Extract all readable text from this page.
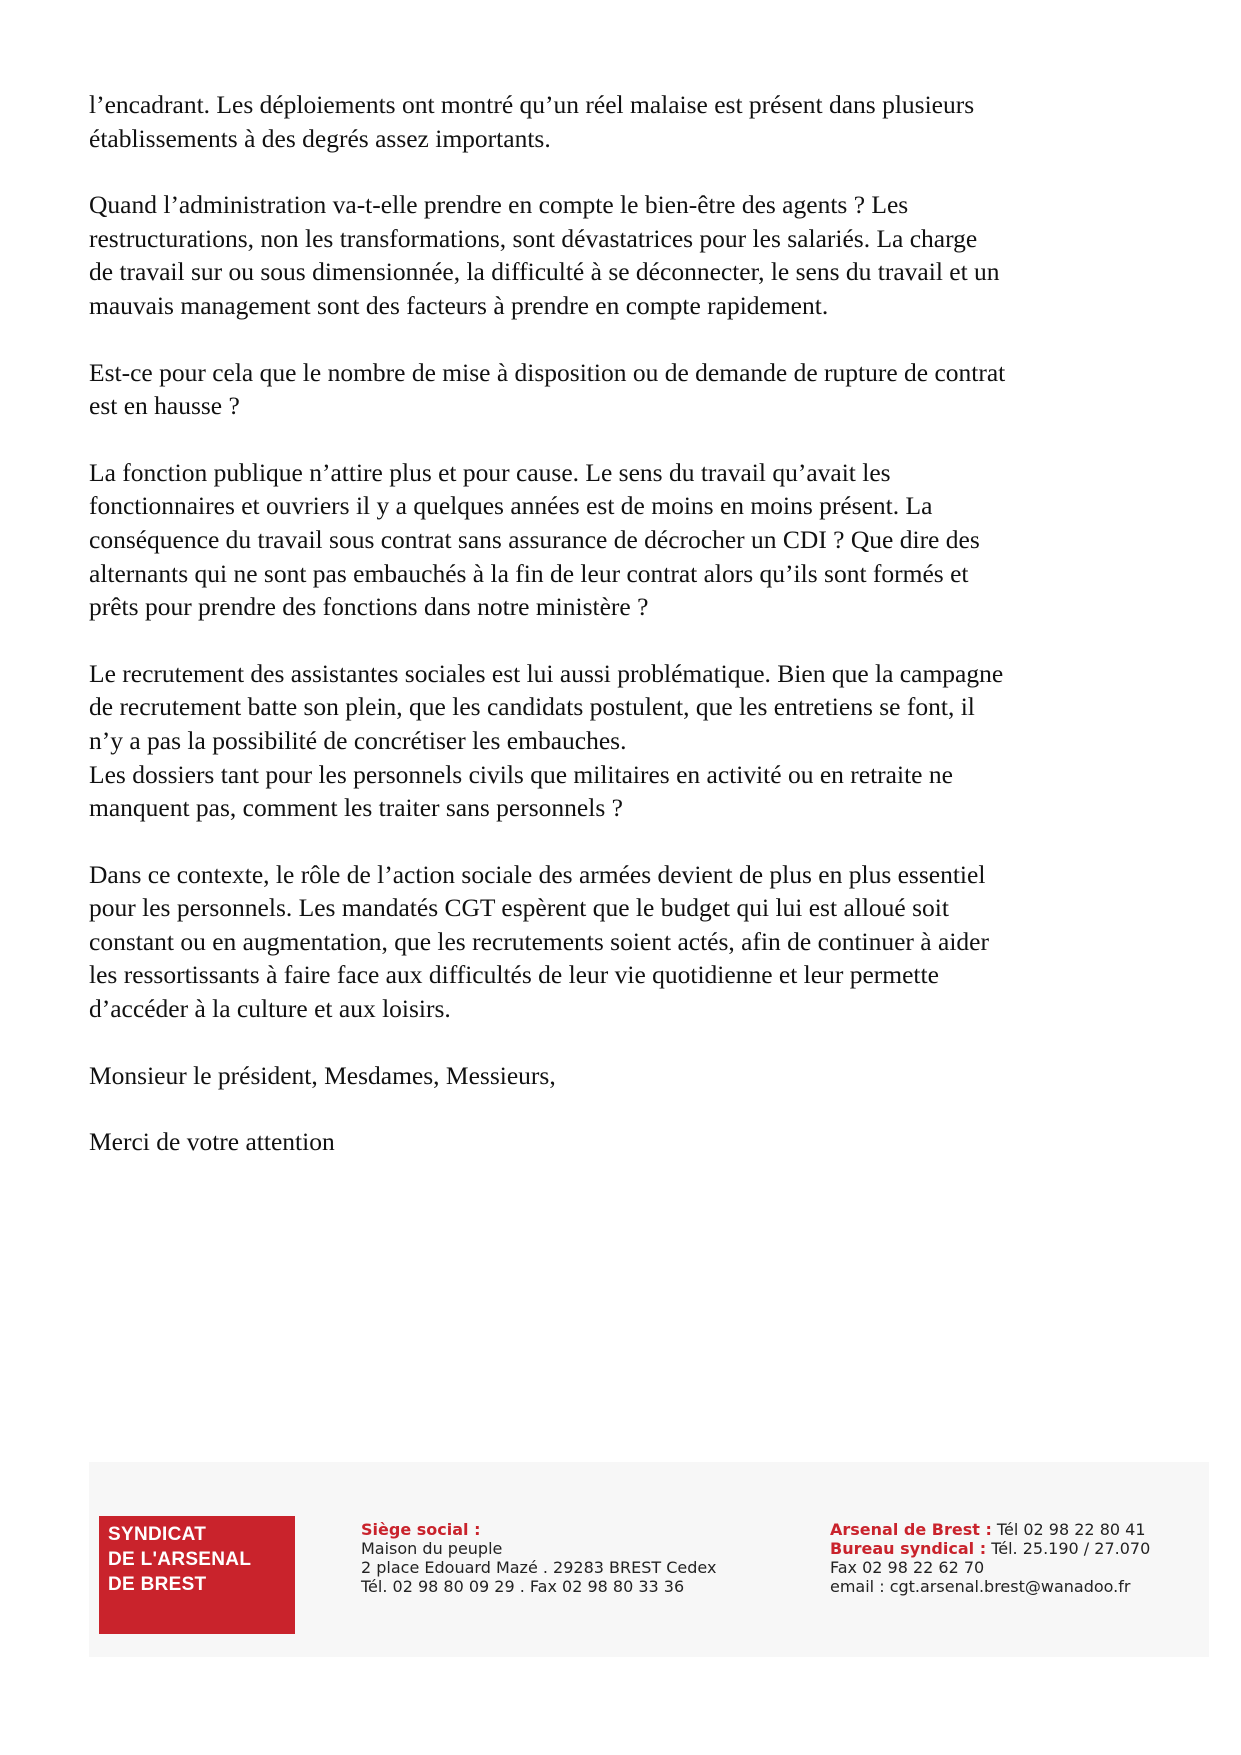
l’encadrant. Les déploiements ont montré qu’un réel malaise est présent dans plusieurs
établissements à des degrés assez importants.

Quand l’administration va-t-elle prendre en compte le bien-être des agents ? Les
restructurations, non les transformations, sont dévastatrices pour les salariés. La charge
de travail sur ou sous dimensionnée, la difficulté à se déconnecter, le sens du travail et un
mauvais management sont des facteurs à prendre en compte rapidement.

Est-ce pour cela que le nombre de mise à disposition ou de demande de rupture de contrat
est en hausse ?

La fonction publique n’attire plus et pour cause. Le sens du travail qu’avait les
fonctionnaires et ouvriers il y a quelques années est de moins en moins présent. La
conséquence du travail sous contrat sans assurance de décrocher un CDI ? Que dire des
alternants qui ne sont pas embauchés à la fin de leur contrat alors qu’ils sont formés et
prêts pour prendre des fonctions dans notre ministère ?

Le recrutement des assistantes sociales est lui aussi problématique. Bien que la campagne
de recrutement batte son plein, que les candidats postulent, que les entretiens se font, il
n’y a pas la possibilité de concrétiser les embauches.

Les dossiers tant pour les personnels civils que militaires en activité ou en retraite ne
manquent pas, comment les traiter sans personnels ?

Dans ce contexte, le rôle de l’action sociale des armées devient de plus en plus essentiel
pour les personnels. Les mandatés CGT espèrent que le budget qui lui est alloué soit
constant ou en augmentation, que les recrutements soient actés, afin de continuer à aider
les ressortissants à faire face aux difficultés de leur vie quotidienne et leur permette
d’accéder à la culture et aux loisirs.

Monsieur le président, Mesdames, Messieurs,

Merci de votre attention

SYNDICAT
DE L'ARSENAL
DE BREST
Siège social :
Maison du peuple
2 place Edouard Mazé . 29283 BREST Cedex
Tél. 02 98 80 09 29 . Fax 02 98 80 33 36
Arsenal de Brest : Tél 02 98 22 80 41
Bureau syndical : Tél. 25.190 / 27.070
Fax 02 98 22 62 70
email : cgt.arsenal.brest@wanadoo.fr
